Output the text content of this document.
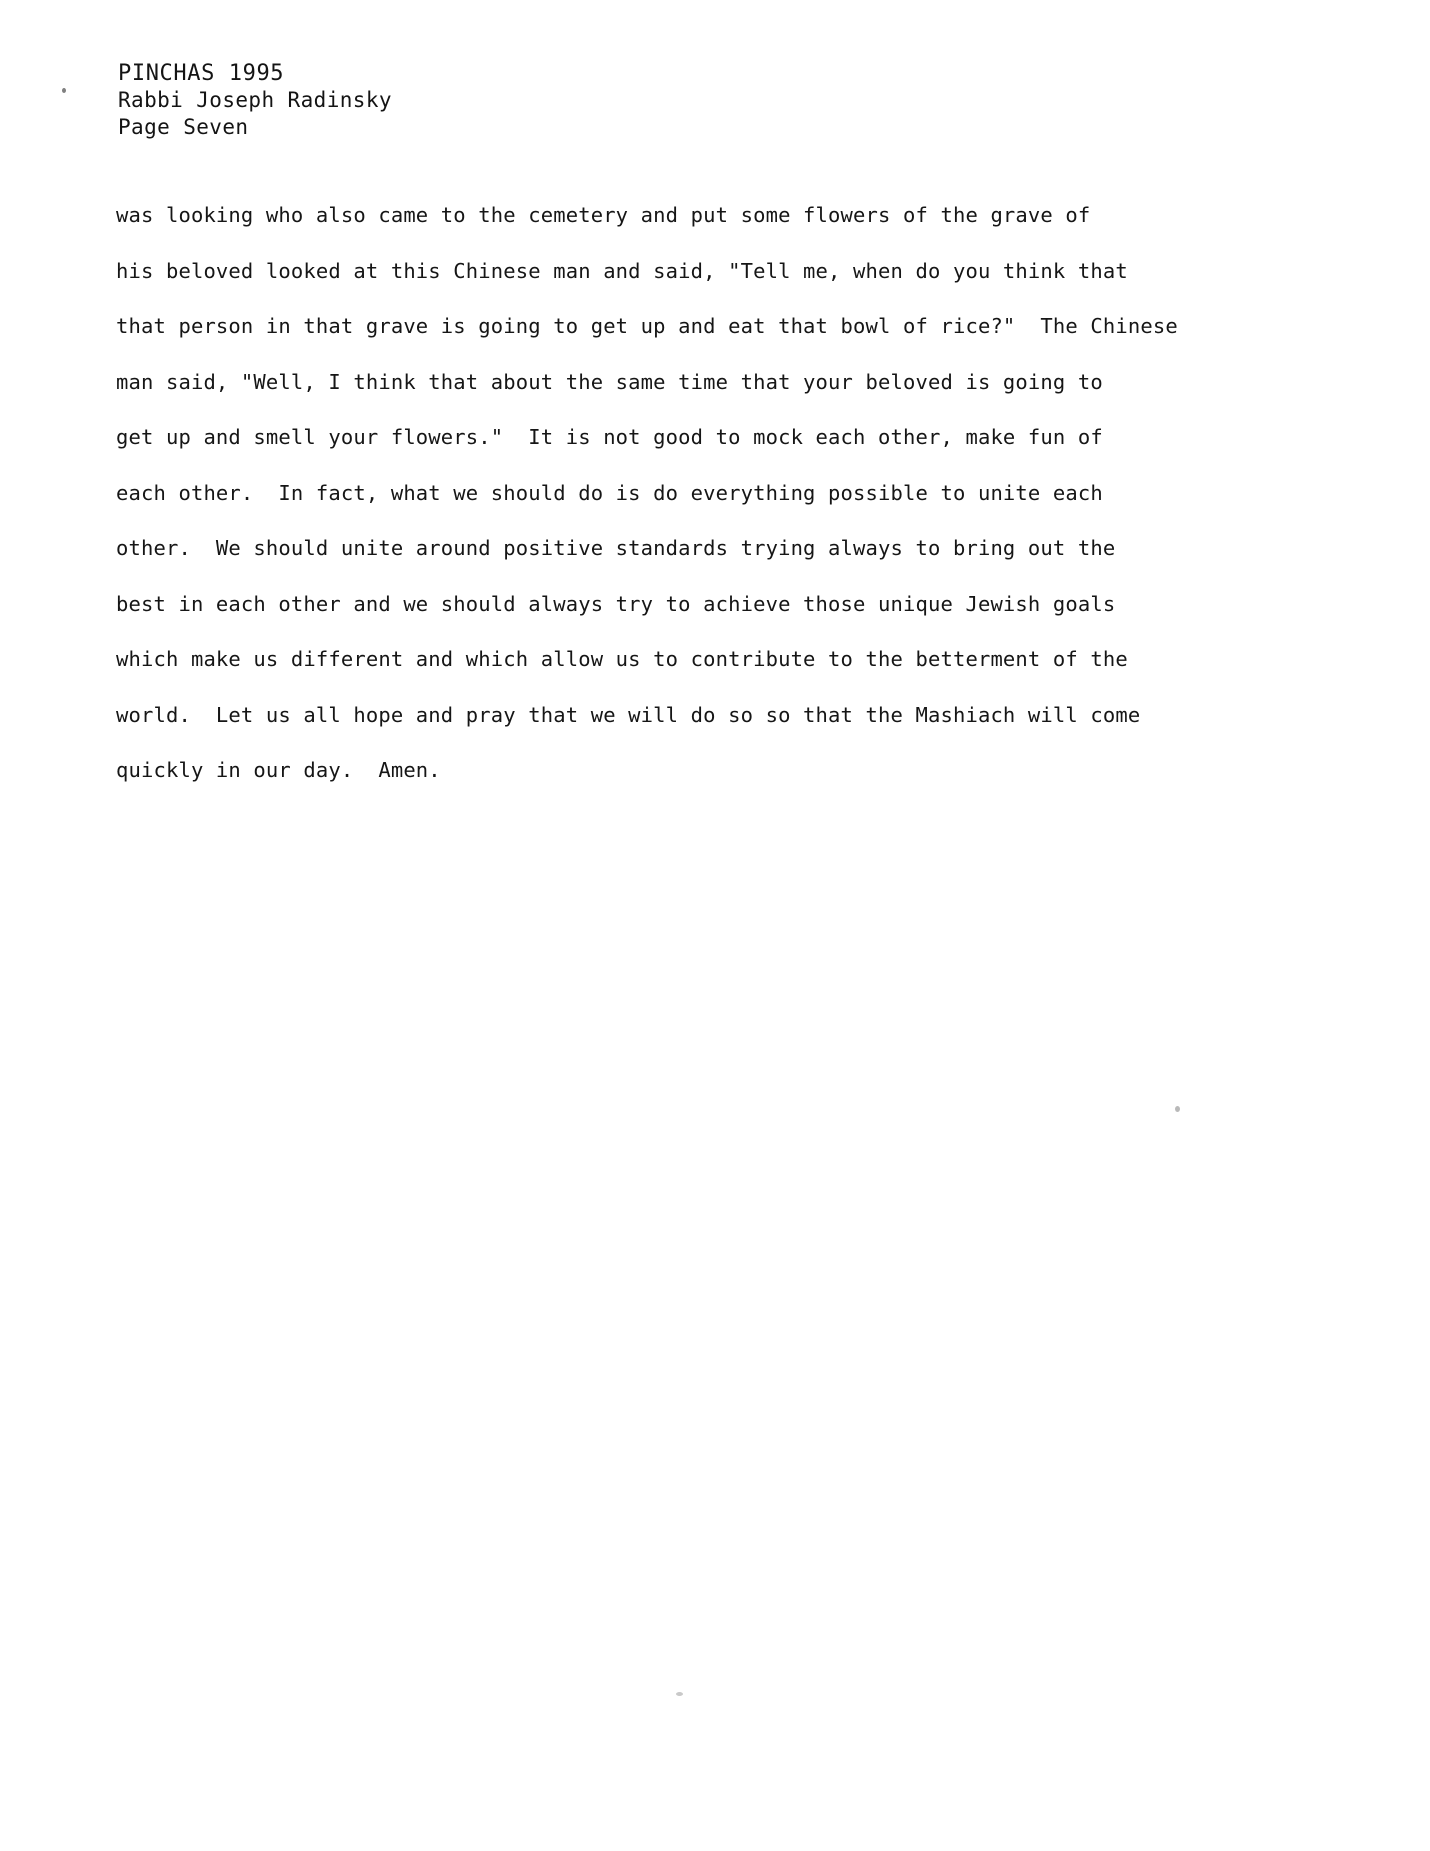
PINCHAS 1995
Rabbi Joseph Radinsky
Page Seven
was looking who also came to the cemetery and put some flowers of the grave of
his beloved looked at this Chinese man and said, "Tell me, when do you think that
that person in that grave is going to get up and eat that bowl of rice?"  The Chinese
man said, "Well, I think that about the same time that your beloved is going to
get up and smell your flowers."  It is not good to mock each other, make fun of
each other.  In fact, what we should do is do everything possible to unite each
other.  We should unite around positive standards trying always to bring out the
best in each other and we should always try to achieve those unique Jewish goals
which make us different and which allow us to contribute to the betterment of the
world.  Let us all hope and pray that we will do so so that the Mashiach will come
quickly in our day.  Amen.
